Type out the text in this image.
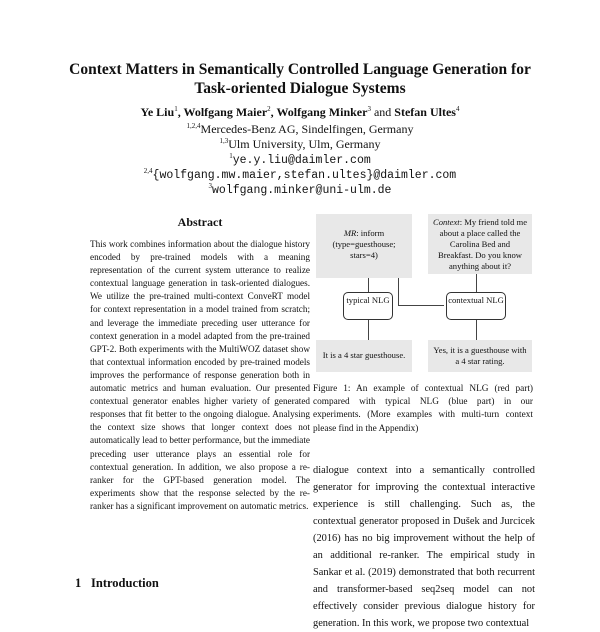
Context Matters in Semantically Controlled Language Generation for
Task-oriented Dialogue Systems
Ye Liu$^1$, Wolfgang Maier$^2$, Wolfgang Minker$^3$ and Stefan Ultes$^4$
$^{1,2,4}$Mercedes-Benz AG, Sindelfingen, Germany
$^{1,3}$Ulm University, Ulm, Germany
$^1$ye.y.liu@daimler.com
$^{2,4}${wolfgang.mw.maier,stefan.ultes}@daimler.com
$^3$wolfgang.minker@uni-ulm.de
Abstract
This work combines information about the dialogue history encoded by pre-trained models with a meaning representation of the current system utterance to realize contextual language generation in task-oriented dialogues. We utilize the pre-trained multi-context ConveRT model for context representation in a model trained from scratch; and leverage the immediate preceding user utterance for context generation in a model adapted from the pre-trained GPT-2. Both experiments with the MultiWOZ dataset show that contextual information encoded by pre-trained models improves the performance of response generation both in automatic metrics and human evaluation. Our presented contextual generator enables higher variety of generated responses that fit better to the ongoing dialogue. Analysing the context size shows that longer context does not automatically lead to better performance, but the immediate preceding user utterance plays an essential role for contextual generation. In addition, we also propose a re-ranker for the GPT-based generation model. The experiments show that the response selected by the re-ranker has a significant improvement on automatic metrics.
1 Introduction
MR: inform (type=guesthouse; stars=4)
Context: My friend told me about a place called the Carolina Bed and Breakfast. Do you know anything about it?
typical NLG	contextual NLG
It is a 4 star guesthouse.	Yes, it is a guesthouse with a 4 star rating.
Figure 1: An example of contextual NLG (red part) compared with typical NLG (blue part) in our experiments. (More examples with multi-turn context please find in the Appendix)
dialogue context into a semantically controlled generator for improving the contextual interactive experience is still challenging. Such as, the contextual generator proposed in Dušek and Jurcicek (2016) has no big improvement without the help of an additional re-ranker. The empirical study in Sankar et al. (2019) demonstrated that both recurrent and transformer-based seq2seq model can not effectively consider previous dialogue history for generation. In this work, we propose two contextual
